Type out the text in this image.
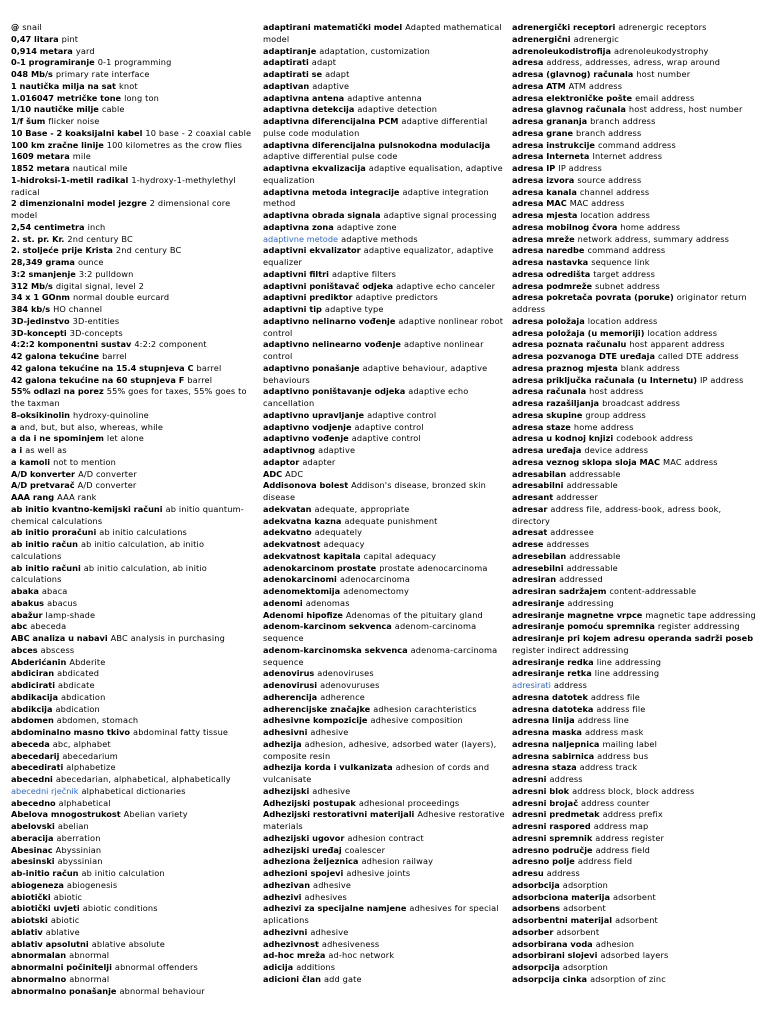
@ snail
0,47 litara pint
0,914 metara yard
0-1 programiranje 0-1 programming
048 Mb/s primary rate interface
1 nautička milja na sat knot
1.016047 metričke tone long ton
1/10 nautičke milje cable
1/f šum flicker noise
10 Base - 2 koaksijalni kabel 10 base - 2 coaxial cable
100 km zračne linije 100 kilometres as the crow flies
1609 metara mile
1852 metara nautical mile
1-hidroksi-1-metil radikal 1-hydroxy-1-methylethyl radical
2 dimenzionalni model jezgre 2 dimensional core model
2,54 centimetra inch
2. st. pr. Kr. 2nd century BC
2. stoljeće prije Krista 2nd century BC
28,349 grama ounce
3:2 smanjenje 3:2 pulldown
312 Mb/s digital signal, level 2
34 x 1 GOnm normal double eurcard
384 kb/s HO channel
3D-jedinstvo 3D-entities
3D-koncepti 3D-concepts
4:2:2 komponentni sustav 4:2:2 component
42 galona tekućine barrel
42 galona tekućine na 15.4 stupnjeva C barrel
42 galona tekućine na 60 stupnjeva F barrel
55% odlazi na porez 55% goes for taxes, 55% goes to the taxman
8-oksikinolin hydroxy-quinoline
a and, but, but also, whereas, while
a da i ne spominjem let alone
a i as well as
a kamoli not to mention
A/D konverter A/D converter
A/D pretvarač A/D converter
AAA rang AAA rank
ab initio kvantno-kemijski računi ab initio quantum-chemical calculations
ab initio proračuni ab initio calculations
ab initio račun ab initio calculation, ab initio calculations
ab initio računi ab initio calculation, ab initio calculations
abaka abaca
abakus abacus
abažur lamp-shade
abc abeceda
ABC analiza u nabavi ABC analysis in purchasing
abces abscess
Abderićanin Abderite
abdiciran abdicated
abdicirati abdicate
abdikacija abdication
abdikcija abdication
abdomen abdomen, stomach
abdominalno masno tkivo abdominal fatty tissue
abeceda abc, alphabet
abecedarij abecedarium
abecedirati alphabetize
abecedni abecedarian, alphabetical, alphabetically
abecedni rječnik alphabetical dictionaries
abecedno alphabetical
Abelova mnogostrukost Abelian variety
abelovski abelian
aberacija aberration
Abesinac Abyssinian
abesinski abyssinian
ab-initio račun ab initio calculation
abiogeneza abiogenesis
abiotički abiotic
abiotički uvjeti abiotic conditions
abiotski abiotic
ablativ ablative
ablativ apsolutni ablative absolute
abnormalan abnormal
abnormalni počinitelji abnormal offenders
abnormalno abnormal
abnormalno ponašanje abnormal behaviour
adaptirani matematički model Adapted mathematical model
adaptiranje adaptation, customization
adaptirati adapt
adaptirati se adapt
adaptivan adaptive
adaptivna antena adaptive antenna
adaptivna detekcija adaptive detection
adaptivna diferencijalna PCM adaptive differential pulse code modulation
adaptivna diferencijalna pulsnokodna modulacijaadaptive differential pulse code
adaptivna ekvalizacija adaptive equalisation, adaptive equalization
adaptivna metoda integracije adaptive integration method
adaptivna obrada signala adaptive signal processing
adaptivna zona adaptive zone
adaptivne metode adaptive methods
adaptivni ekvalizator adaptive equalizator, adaptive equalizer
adaptivni filtri adaptive filters
adaptivni poništavač odjeka adaptive echo canceler
adaptivni prediktor adaptive predictors
adaptivni tip adaptive type
adaptivno nelinarno vođenje adaptive nonlinear robot control
adaptivno nelinearno vođenje adaptive nonlinear control
adaptivno ponašanje adaptive behaviour, adaptive behaviours
adaptivno poništavanje odjeka adaptive echo cancellation
adaptivno upravljanje adaptive control
adaptivno vodjenje adaptive control
adaptivno vođenje adaptive control
adaptivnog adaptive
adaptor adapter
ADC ADC
Addisonova bolest Addison's disease, bronzed skin disease
adekvatan adequate, appropriate
adekvatna kazna adequate punishment
adekvatno adequately
adekvatnost adequacy
adekvatnost kapitala capital adequacy
adenokarcinom prostate prostate adenocarcinoma
adenokarcinomi adenocarcinoma
adenomektomija adenomectomy
adenomi adenomas
Adenomi hipofize Adenomas of the pituitary gland
adenom-karcinom sekvenca adenom-carcinoma sequence
adenom-karcinomska sekvenca adenoma-carcinoma sequence
adenovirus adenoviruses
adenovirusi adenovuruses
adherencija adherence
adherencijske značajke adhesion carachteristics
adhesivne kompozicije adhesive composition
adhesivni adhesive
adhezija adhesion, adhesive, adsorbed water (layers), composite resin
adhezija korda i vulkanizata adhesion of cords and vulcanisate
adhezijski adhesive
Adhezijski postupak adhesional proceedings
Adhezijski restorativni materijali Adhesive restorative materials
adhezijski ugovor adhesion contract
adhezijski uređaj coalescer
adheziona željeznica adhesion railway
adhezioni spojevi adhesive joints
adhezivan adhesive
adhezivi adhesives
adhezivi za specijalne namjene adhesives for special aplications
adhezivni adhesive
adhezivnost adhesiveness
ad-hoc mreža ad-hoc network
adicija additions
adicioni član add gate
adrenergički receptori adrenergic receptors
adrenergični adrenergic
adrenoleukodistrofija adrenoleukodystrophy
adresa address, addresses, adress, wrap around
adresa (glavnog) računala host number
adresa ATM ATM address
adresa elektroničke pošte email address
adresa glavnog računala host address, host number
adresa grananja branch address
adresa grane branch address
adresa instrukcije command address
adresa Interneta Internet address
adresa IP IP address
adresa izvora source address
adresa kanala channel address
adresa MAC MAC address
adresa mjesta location address
adresa mobilnog čvora home address
adresa mreže network address, summary address
adresa naredbe command address
adresa nastavka sequence link
adresa odredišta target address
adresa podmreže subnet address
adresa pokretača povrata (poruke) originator return address
adresa položaja location address
adresa položaja (u memoriji) location address
adresa poznata računalu host apparent address
adresa pozvanoga DTE uređaja called DTE address
adresa praznog mjesta blank address
adresa priključka računala (u Internetu) IP address
adresa računala host address
adresa razašiljanja broadcast address
adresa skupine group address
adresa staze home address
adresa u kodnoj knjizi codebook address
adresa uređaja device address
adresa veznog sklopa sloja MAC MAC address
adresabilan addressable
adresabilni addressable
adresant addresser
adresar address file, address-book, adress book, directory
adresat addressee
adrese addresses
adresebilan addressable
adresebilni addressable
adresiran addressed
adresiran sadržajem content-addressable
adresiranje addressing
adresiranje magnetne vrpce magnetic tape addressing
adresiranje pomoću spremnika register addressing
adresiranje pri kojem adresu operanda sadrži posebregister indirect addressing
adresiranje redka line addressing
adresiranje retka line addressing
adresirati address
adresna datotek address file
adresna datoteka address file
adresna linija address line
adresna maska address mask
adresna naljepnica mailing label
adresna sabirnica address bus
adresna staza address track
adresni address
adresni blok address block, block address
adresni brojač address counter
adresni predmetak address prefix
adresni raspored address map
adresni spremnik address register
adresno područje address field
adresno polje address field
adresu address
adsorbcija adsorption
adsorbciona materija adsorbent
adsorbens adsorbent
adsorbentni materijal adsorbent
adsorber adsorbent
adsorbirana voda adhesion
adsorbirani slojevi adsorbed layers
adsorpcija adsorption
adsorpcija cinka adsorption of zinc
